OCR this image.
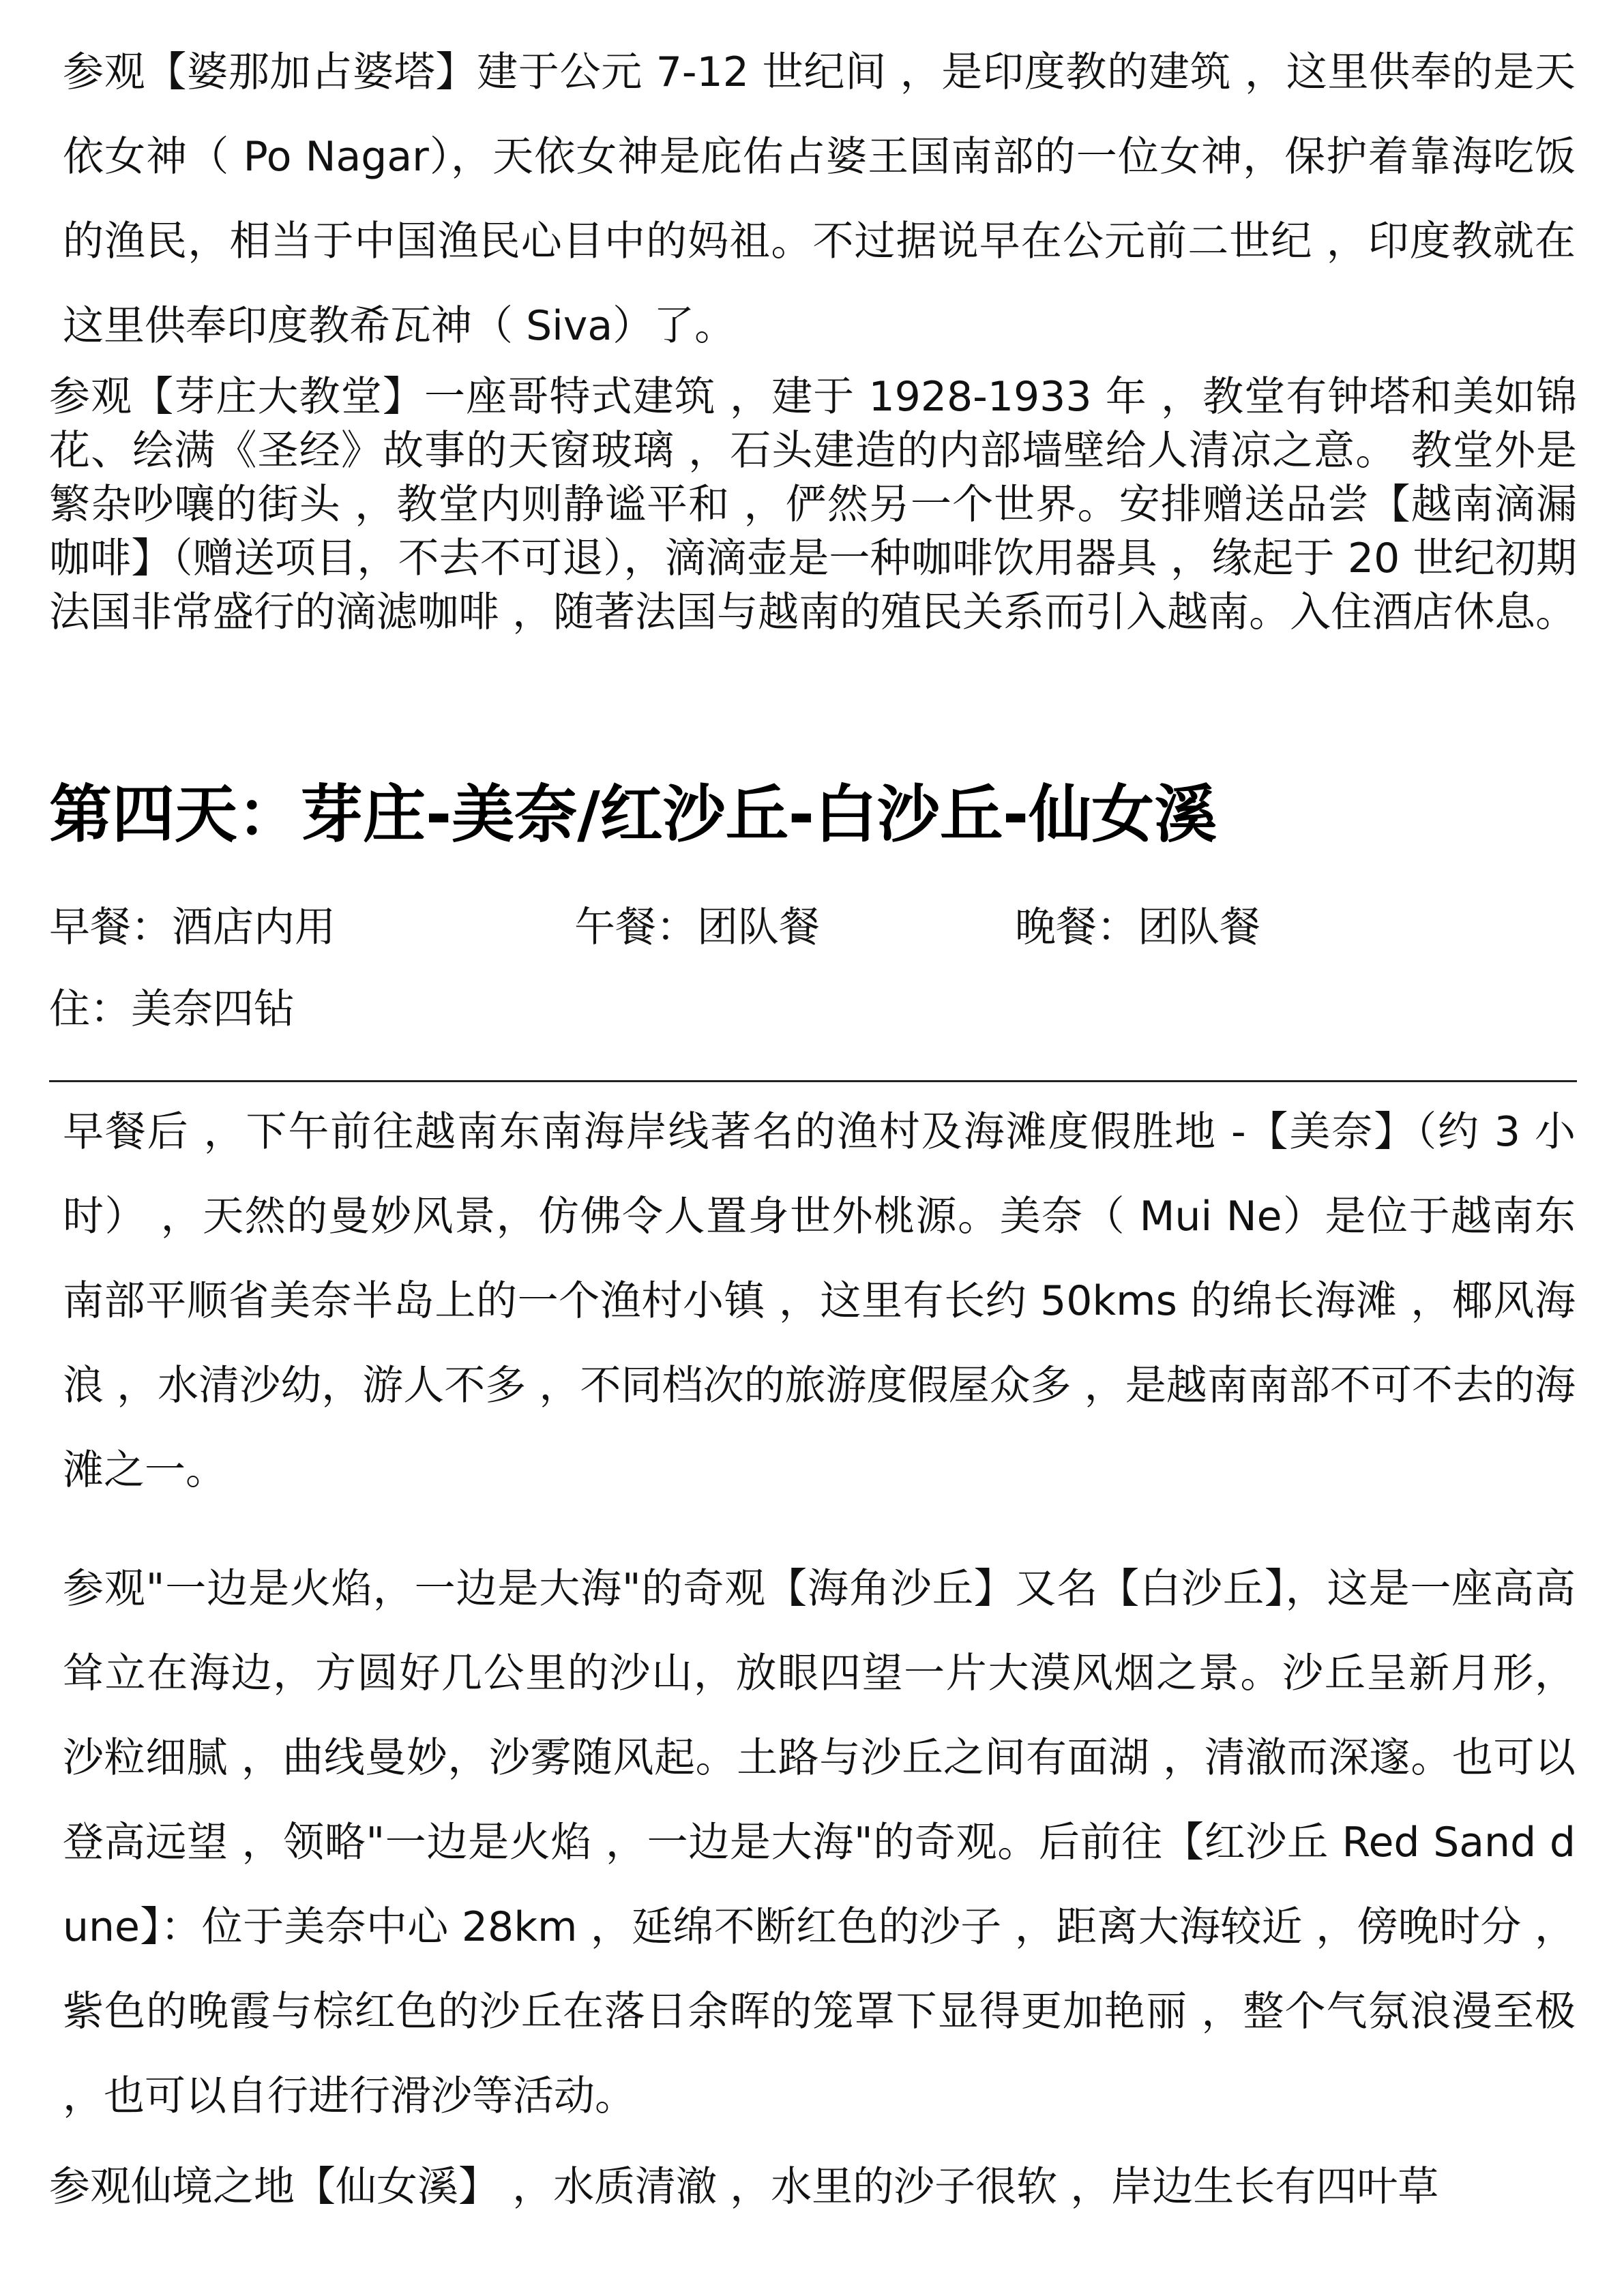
参观【婆那加占婆塔】建于公元 7-12 世纪间 ，是印度教的建筑 ，这里供奉的是天依女神（ Po Nagar），天依女神是庇佑占婆王国南部的一位女神，保护着靠海吃饭的渔民，相当于中国渔民心目中的妈祖。不过据说早在公元前二世纪 ，印度教就在这里供奉印度教希瓦神（ Siva）了。

参观【芽庄大教堂】一座哥特式建筑 ，建于 1928-1933 年 ，教堂有钟塔和美如锦花、绘满《圣经》故事的天窗玻璃 ，石头建造的内部墙壁给人清凉之意。 教堂外是繁杂吵嚷的街头 ，教堂内则静谧平和 ，俨然另一个世界。安排赠送品尝【越南滴漏咖啡】（赠送项目，不去不可退），滴滴壶是一种咖啡饮用器具 ，缘起于 20 世纪初期法国非常盛行的滴滤咖啡 ，随著法国与越南的殖民关系而引入越南。入住酒店休息。

第四天：芽庄-美奈/红沙丘-白沙丘-仙女溪
早餐：酒店内用	午餐：团队餐	晚餐：团队餐
住：美奈四钻

早餐后 ，下午前往越南东南海岸线著名的渔村及海滩度假胜地 -【美奈】（约 3 小时） ，天然的曼妙风景，仿佛令人置身世外桃源。美奈（ Mui Ne）是位于越南东南部平顺省美奈半岛上的一个渔村小镇 ，这里有长约 50kms 的绵长海滩 ，椰风海浪 ，水清沙幼，游人不多 ，不同档次的旅游度假屋众多 ，是越南南部不可不去的海滩之一。

参观"一边是火焰，一边是大海"的奇观【海角沙丘】又名【白沙丘】，这是一座高高耸立在海边，方圆好几公里的沙山，放眼四望一片大漠风烟之景。沙丘呈新月形，沙粒细腻 ，曲线曼妙，沙雾随风起。土路与沙丘之间有面湖 ，清澈而深邃。也可以登高远望 ，领略"一边是火焰 ，一边是大海"的奇观。后前往【红沙丘 Red Sand dune】：位于美奈中心 28km ，延绵不断红色的沙子 ，距离大海较近 ，傍晚时分 ，紫色的晚霞与棕红色的沙丘在落日余晖的笼罩下显得更加艳丽 ，整个气氛浪漫至极 ，也可以自行进行滑沙等活动。

参观仙境之地【仙女溪】 ，水质清澈 ，水里的沙子很软 ，岸边生长有四叶草
